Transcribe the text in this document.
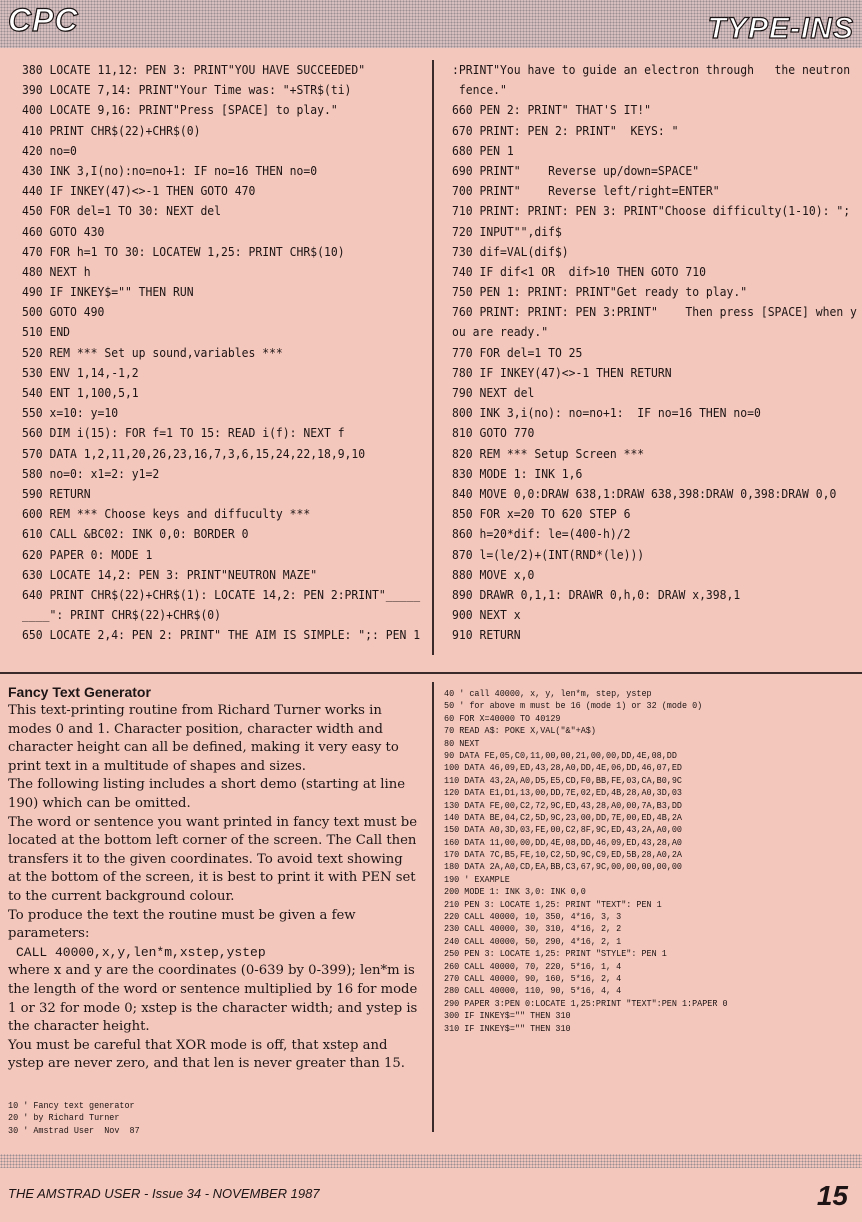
CPC	TYPE-INS
380 LOCATE 11,12: PEN 3: PRINT"YOU HAVE SUCCEEDED"
390 LOCATE 7,14: PRINT"Your Time was: "+STR$(ti)
400 LOCATE 9,16: PRINT"Press [SPACE] to play."
410 PRINT CHR$(22)+CHR$(0)
420 no=0
430 INK 3,I(no):no=no+1: IF no=16 THEN no=0
440 IF INKEY(47)<>-1 THEN GOTO 470
450 FOR del=1 TO 30: NEXT del
460 GOTO 430
470 FOR h=1 TO 30: LOCATEW 1,25: PRINT CHR$(10)
480 NEXT h
490 IF INKEY$="" THEN RUN
500 GOTO 490
510 END
520 REM *** Set up sound,variables ***
530 ENV 1,14,-1,2
540 ENT 1,100,5,1
550 x=10: y=10
560 DIM i(15): FOR f=1 TO 15: READ i(f): NEXT f
570 DATA 1,2,11,20,26,23,16,7,3,6,15,24,22,18,9,10
580 no=0: x1=2: y1=2
590 RETURN
600 REM *** Choose keys and diffuculty ***
610 CALL &BC02: INK 0,0: BORDER 0
620 PAPER 0: MODE 1
630 LOCATE 14,2: PEN 3: PRINT"NEUTRON MAZE"
640 PRINT CHR$(22)+CHR$(1): LOCATE 14,2: PEN 2:PRINT"_____
____": PRINT CHR$(22)+CHR$(0)
650 LOCATE 2,4: PEN 2: PRINT" THE AIM IS SIMPLE: ";: PEN 1
:PRINT"You have to guide an electron through   the neutron
fence."
660 PEN 2: PRINT" THAT'S IT!"
670 PRINT: PEN 2: PRINT"  KEYS: "
680 PEN 1
690 PRINT"    Reverse up/down=SPACE"
700 PRINT"    Reverse left/right=ENTER"
710 PRINT: PRINT: PEN 3: PRINT"Choose difficulty(1-10): ";
720 INPUT"",dif$
730 dif=VAL(dif$)
740 IF dif<1 OR  dif>10 THEN GOTO 710
750 PEN 1: PRINT: PRINT"Get ready to play."
760 PRINT: PRINT: PEN 3:PRINT"    Then press [SPACE] when y
ou are ready."
770 FOR del=1 TO 25
780 IF INKEY(47)<>-1 THEN RETURN
790 NEXT del
800 INK 3,i(no): no=no+1:  IF no=16 THEN no=0
810 GOTO 770
820 REM *** Setup Screen ***
830 MODE 1: INK 1,6
840 MOVE 0,0:DRAW 638,1:DRAW 638,398:DRAW 0,398:DRAW 0,0
850 FOR x=20 TO 620 STEP 6
860 h=20*dif: le=(400-h)/2
870 l=(le/2)+(INT(RND*(le)))
880 MOVE x,0
890 DRAWR 0,1,1: DRAWR 0,h,0: DRAW x,398,1
900 NEXT x
910 RETURN
Fancy Text Generator

This text-printing routine from Richard Turner works in modes 0 and 1. Character position, character width and character height can all be defined, making it very easy to print text in a multitude of shapes and sizes.

The following listing includes a short demo (starting at line 190) which can be omitted.

The word or sentence you want printed in fancy text must be located at the bottom left corner of the screen. The Call then transfers it to the given coordinates. To avoid text showing at the bottom of the screen, it is best to print it with PEN set to the current background colour.

To produce the text the routine must be given a few parameters:

CALL 40000,x,y,len*m,xstep,ystep

where x and y are the coordinates (0-639 by 0-399); len*m is the length of the word or sentence multiplied by 16 for mode 1 or 32 for mode 0; xstep is the character width; and ystep is the character height.

You must be careful that XOR mode is off, that xstep and ystep are never zero, and that len is never greater than 15.

10 ' Fancy text generator
20 ' by Richard Turner
30 ' Amstrad User  Nov  87
40 ' call 40000, x, y, len*m, step, ystep
50 ' for above m must be 16 (mode 1) or 32 (mode 0)
60 FOR X=40000 TO 40129
70 READ A$: POKE X,VAL("&"+A$)
80 NEXT
90 DATA FE,05,C0,11,00,00,21,00,00,DD,4E,08,DD
100 DATA 46,09,ED,43,28,A0,DD,4E,06,DD,46,07,ED
110 DATA 43,2A,A0,D5,E5,CD,F0,BB,FE,03,CA,B0,9C
120 DATA E1,D1,13,00,DD,7E,02,ED,4B,28,A0,3D,03
130 DATA FE,00,C2,72,9C,ED,43,28,A0,00,7A,B3,DD
140 DATA BE,04,C2,5D,9C,23,00,DD,7E,00,ED,4B,2A
150 DATA A0,3D,03,FE,00,C2,8F,9C,ED,43,2A,A0,00
160 DATA 11,00,00,DD,4E,08,DD,46,09,ED,43,28,A0
170 DATA 7C,B5,FE,10,C2,5D,9C,C9,ED,5B,28,A0,2A
180 DATA 2A,A0,CD,EA,BB,C3,67,9C,00,00,00,00,00
190 ' EXAMPLE
200 MODE 1: INK 3,0: INK 0,0
210 PEN 3: LOCATE 1,25: PRINT "TEXT": PEN 1
220 CALL 40000, 10, 350, 4*16, 3, 3
230 CALL 40000, 30, 310, 4*16, 2, 2
240 CALL 40000, 50, 290, 4*16, 2, 1
250 PEN 3: LOCATE 1,25: PRINT "STYLE": PEN 1
260 CALL 40000, 70, 220, 5*16, 1, 4
270 CALL 40000, 90, 160, 5*16, 2, 4
280 CALL 40000, 110, 90, 5*16, 4, 4
290 PAPER 3:PEN 0:LOCATE 1,25:PRINT "TEXT":PEN 1:PAPER 0
300 IF INKEY$="" THEN 310
310 IF INKEY$="" THEN 310
THE AMSTRAD USER - Issue 34 - NOVEMBER 1987	15
